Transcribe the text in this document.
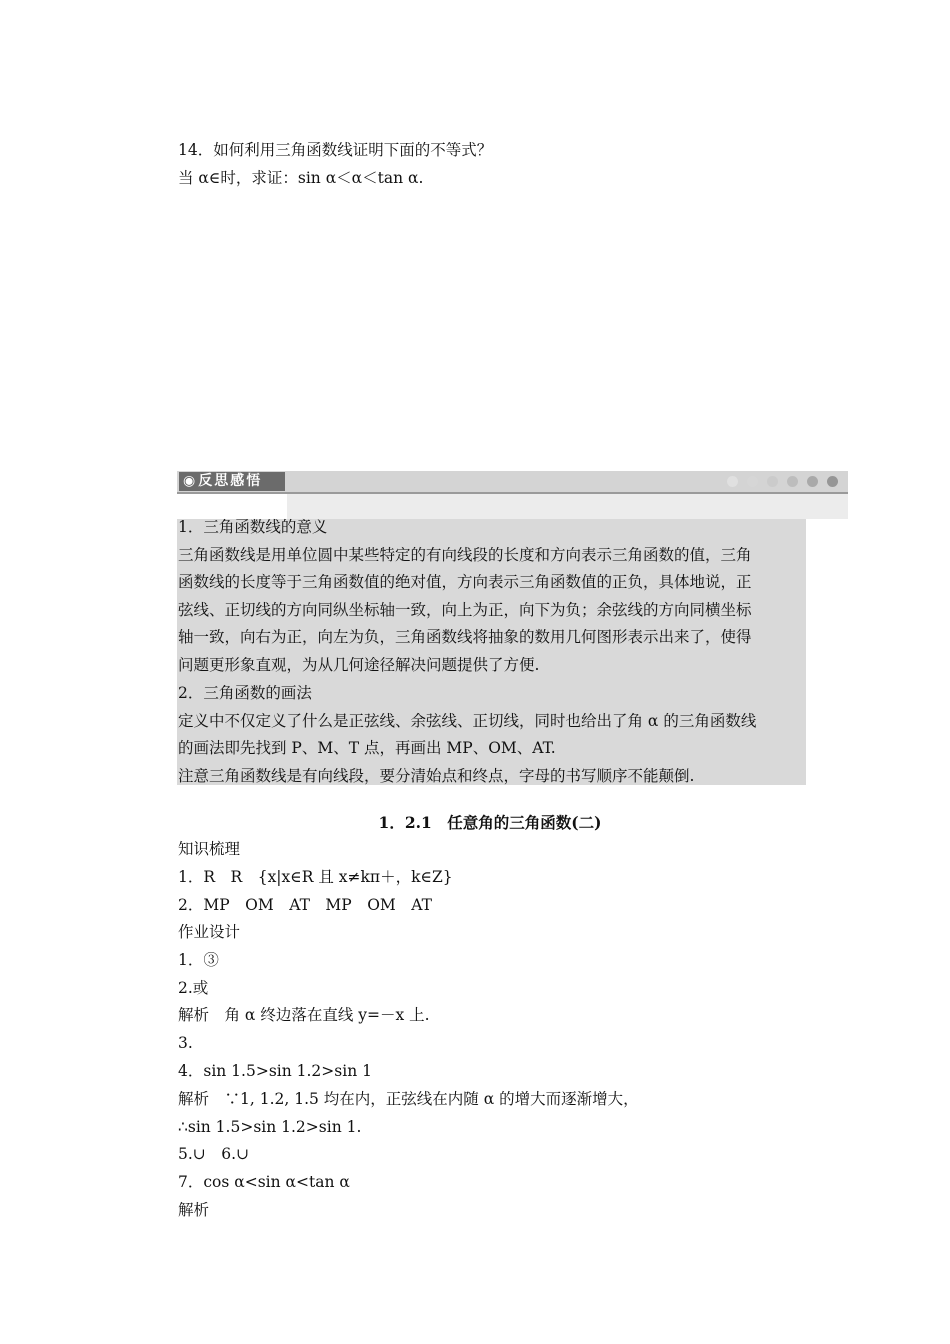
14．如何利用三角函数线证明下面的不等式？
当 α∈时，求证：sin α＜α＜tan α.
◉ 反思感悟
1．三角函数线的意义
三角函数线是用单位圆中某些特定的有向线段的长度和方向表示三角函数的值，三角
函数线的长度等于三角函数值的绝对值，方向表示三角函数值的正负，具体地说，正
弦线、正切线的方向同纵坐标轴一致，向上为正，向下为负；余弦线的方向同横坐标
轴一致，向右为正，向左为负，三角函数线将抽象的数用几何图形表示出来了，使得
问题更形象直观，为从几何途径解决问题提供了方便.
2．三角函数的画法
定义中不仅定义了什么是正弦线、余弦线、正切线，同时也给出了角 α 的三角函数线
的画法即先找到 P、M、T 点，再画出 MP、OM、AT.
注意三角函数线是有向线段，要分清始点和终点，字母的书写顺序不能颠倒.
1．2.1　任意角的三角函数(二)
知识梳理
1．R　R　{x|x∈R 且 x≠kπ＋，k∈Z}
2．MP　OM　AT　MP　OM　AT
作业设计
1．③
2.或
解析　角 α 终边落在直线 y=－x 上.
3.
4．sin 1.5>sin 1.2>sin 1
解析　∵1, 1.2, 1.5 均在内，正弦线在内随 α 的增大而逐渐增大，
∴sin 1.5>sin 1.2>sin 1.
5.∪　6.∪
7．cos α<sin α<tan α
解析
